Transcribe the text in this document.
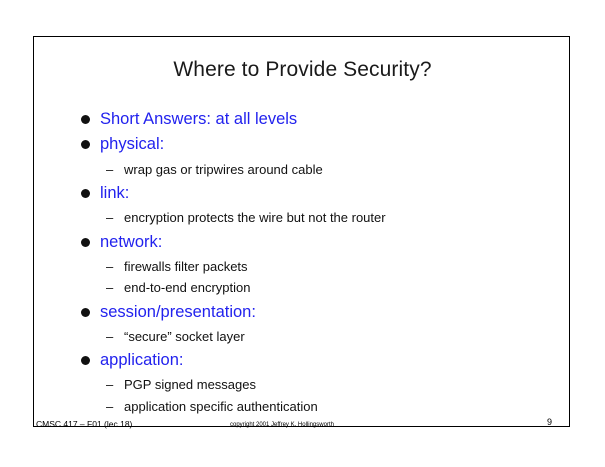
Where to Provide Security?
Short Answers: at all levels
physical:
– wrap gas or tripwires around cable
link:
– encryption protects the wire but not the router
network:
– firewalls filter packets
– end-to-end encryption
session/presentation:
– “secure” socket layer
application:
– PGP signed messages
– application specific authentication
CMSC 417 – F01 (lec 18)	copyright 2001 Jeffrey K. Hollingsworth	9
